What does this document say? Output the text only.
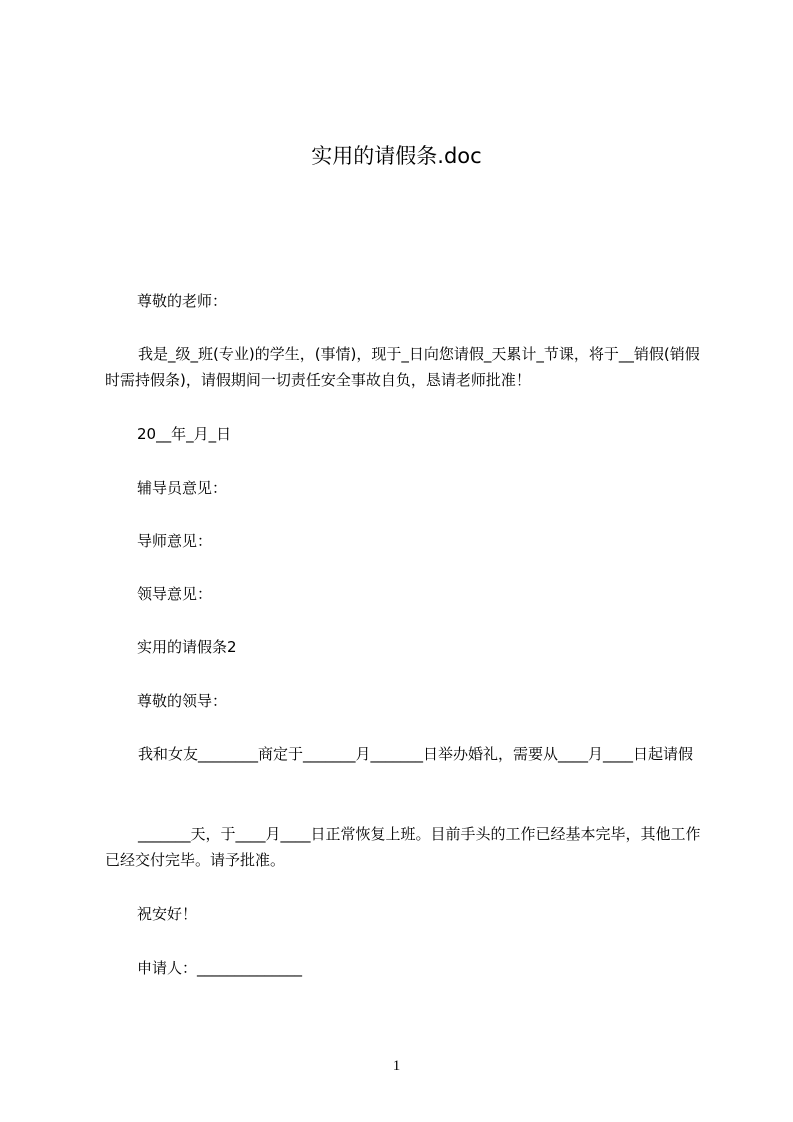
实用的请假条.doc
尊敬的老师：
我是_级_班(专业)的学生，(事情)，现于_日向您请假_天累计_节课，将于__销假(销假时需持假条)，请假期间一切责任安全事故自负，恳请老师批准！
20__年_月_日
辅导员意见：
导师意见：
领导意见：
实用的请假条2
尊敬的领导：
我和女友________商定于_______月_______日举办婚礼，需要从____月____日起请假
_______天，于____月____日正常恢复上班。目前手头的工作已经基本完毕，其他工作已经交付完毕。请予批准。
祝安好！
申请人：______________
1
